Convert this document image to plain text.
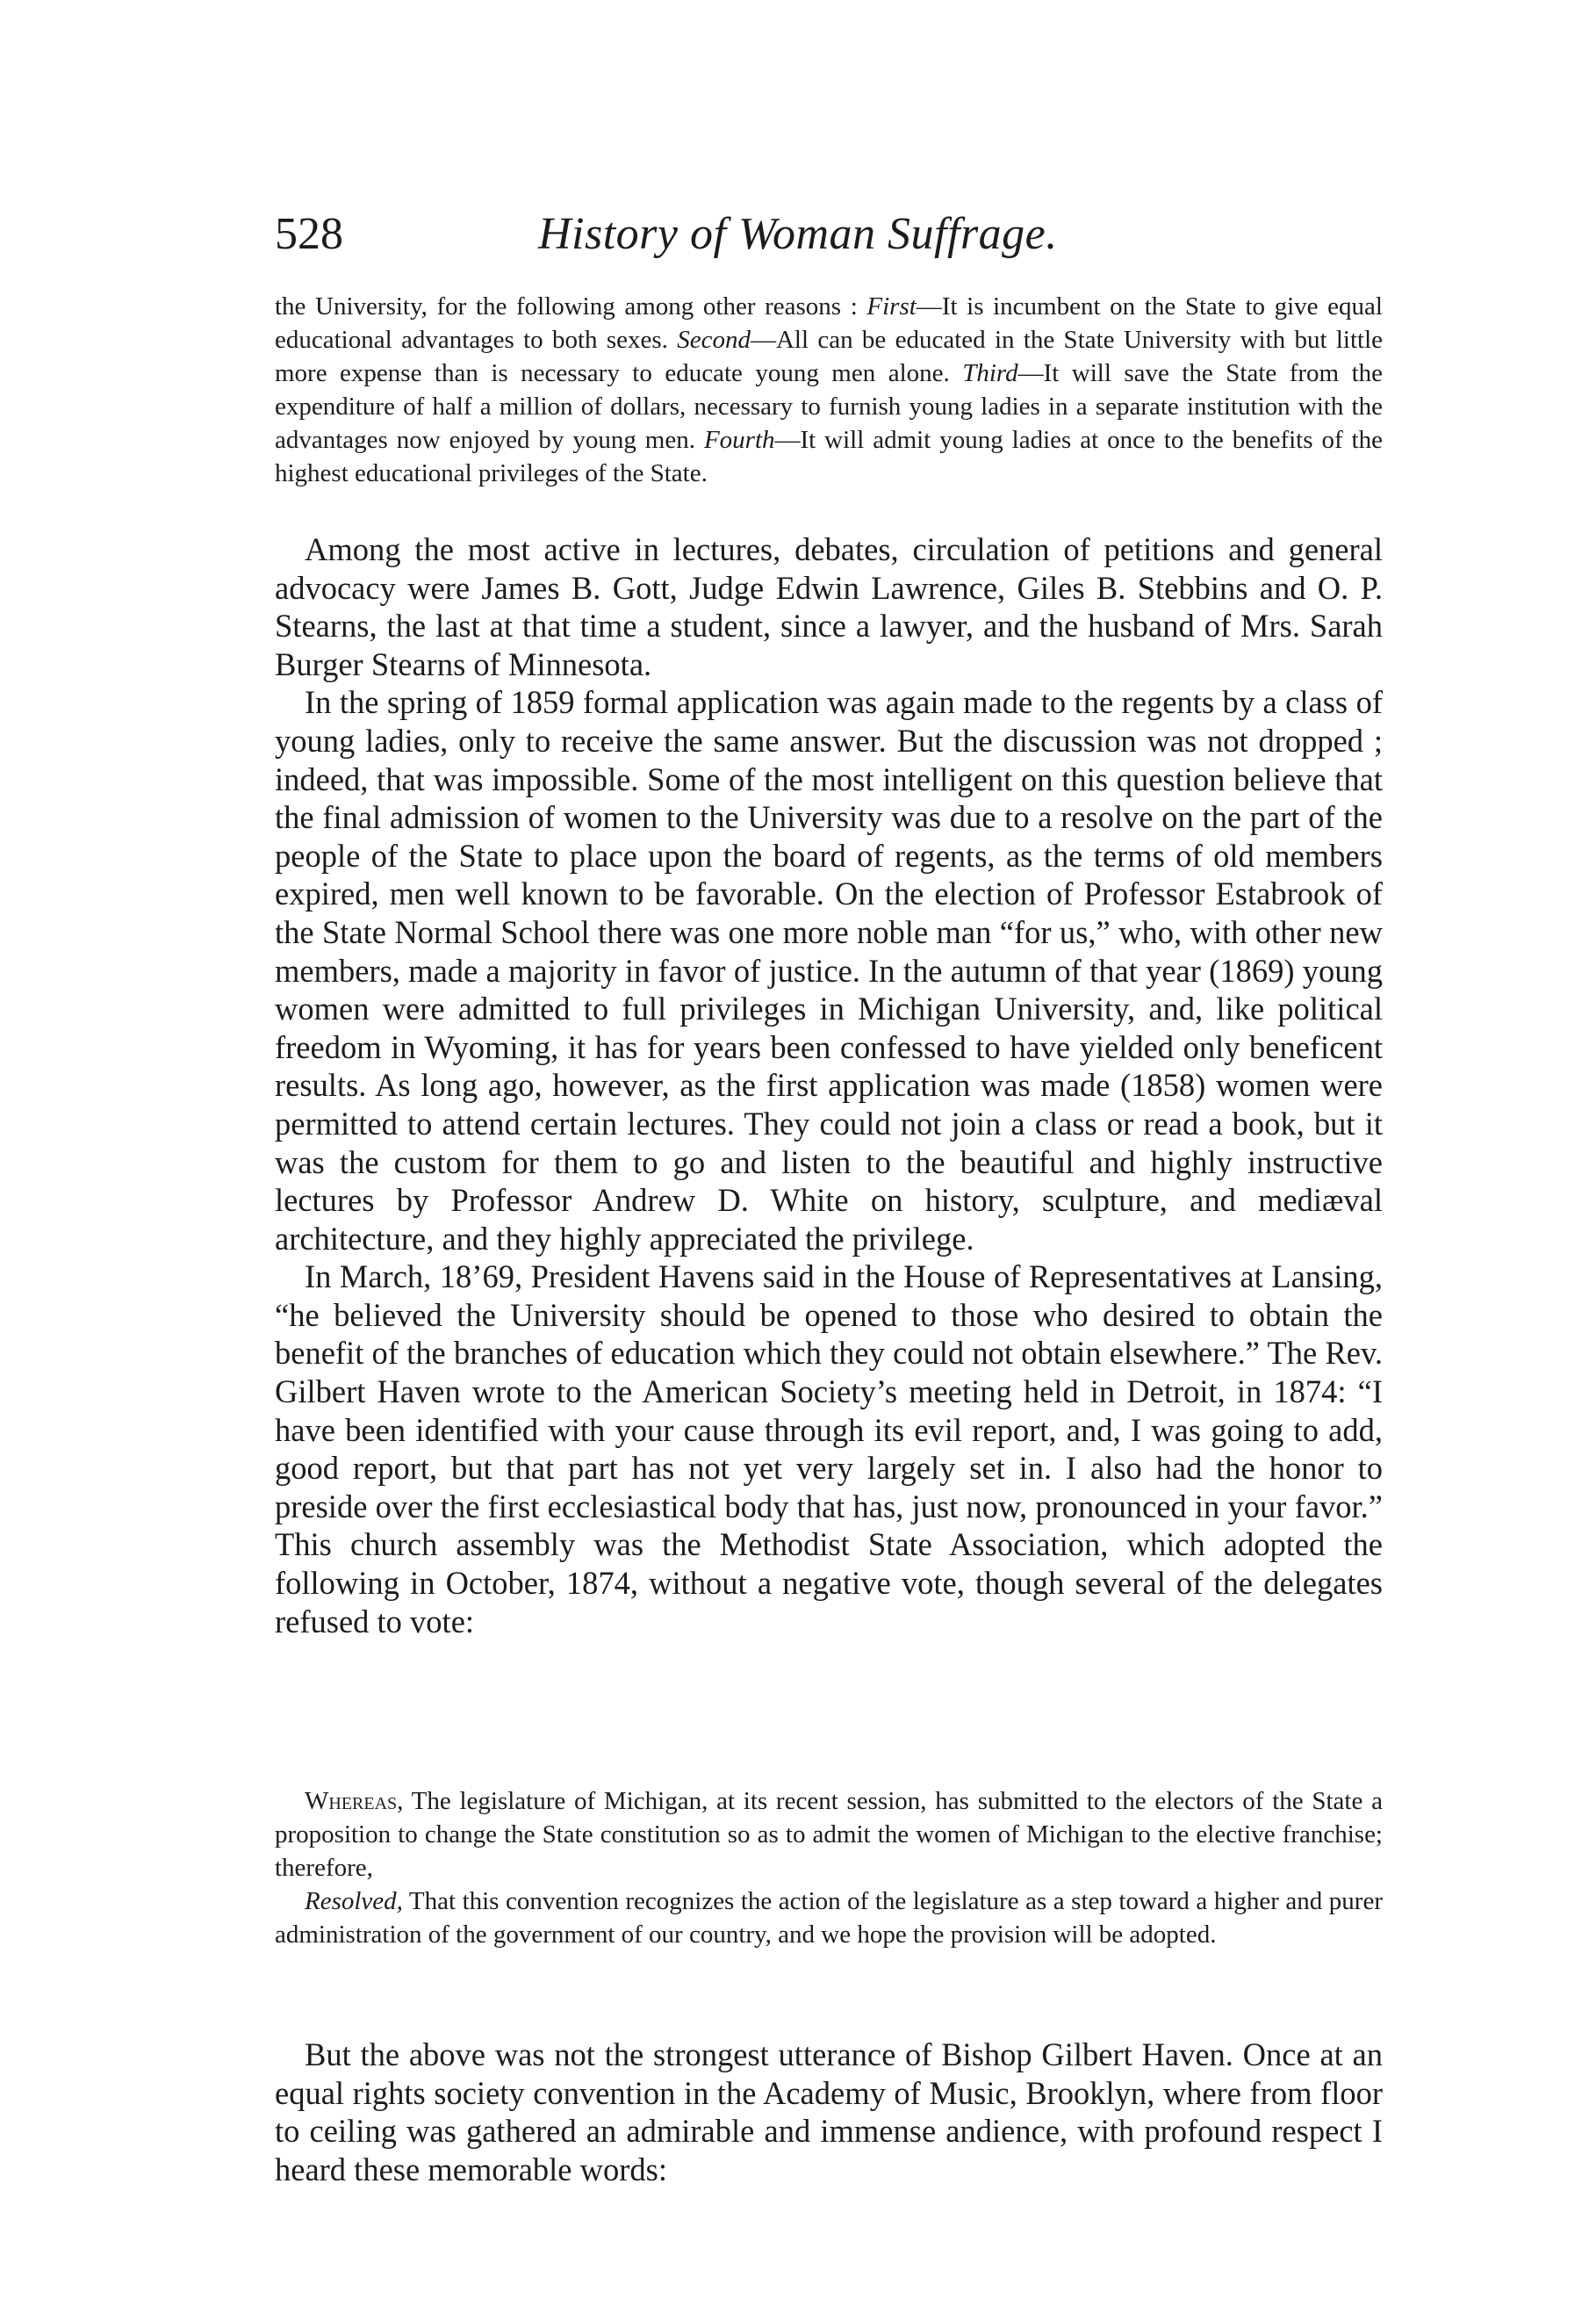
528	History of Woman Suffrage.

the University, for the following among other reasons : First—It is incumbent on the State to give equal educational advantages to both sexes. Second—All can be educated in the State University with but little more expense than is necessary to educate young men alone. Third—It will save the State from the expenditure of half a million of dollars, necessary to furnish young ladies in a separate institution with the advantages now enjoyed by young men. Fourth—It will admit young ladies at once to the benefits of the highest educational privileges of the State.

Among the most active in lectures, debates, circulation of petitions and general advocacy were James B. Gott, Judge Edwin Lawrence, Giles B. Stebbins and O. P. Stearns, the last at that time a student, since a lawyer, and the husband of Mrs. Sarah Burger Stearns of Minnesota.

In the spring of 1859 formal application was again made to the regents by a class of young ladies, only to receive the same answer. But the discussion was not dropped ; indeed, that was impossible. Some of the most intelligent on this question believe that the final admission of women to the University was due to a resolve on the part of the people of the State to place upon the board of regents, as the terms of old members expired, men well known to be favorable. On the election of Professor Estabrook of the State Normal School there was one more noble man “for us,” who, with other new members, made a majority in favor of justice. In the autumn of that year (1869) young women were admitted to full privileges in Michigan University, and, like political freedom in Wyoming, it has for years been confessed to have yielded only beneficent results. As long ago, however, as the first application was made (1858) women were permitted to attend certain lectures. They could not join a class or read a book, but it was the custom for them to go and listen to the beautiful and highly instructive lectures by Professor Andrew D. White on history, sculpture, and mediæval architecture, and they highly appreciated the privilege.

In March, 18’69, President Havens said in the House of Representatives at Lansing, “he believed the University should be opened to those who desired to obtain the benefit of the branches of education which they could not obtain elsewhere.” The Rev. Gilbert Haven wrote to the American Society’s meeting held in Detroit, in 1874: “I have been identified with your cause through its evil report, and, I was going to add, good report, but that part has not yet very largely set in. I also had the honor to preside over the first ecclesiastical body that has, just now, pronounced in your favor.” This church assembly was the Methodist State Association, which adopted the following in October, 1874, without a negative vote, though several of the delegates refused to vote:

Whereas, The legislature of Michigan, at its recent session, has submitted to the electors of the State a proposition to change the State constitution so as to admit the women of Michigan to the elective franchise; therefore,

Resolved, That this convention recognizes the action of the legislature as a step toward a higher and purer administration of the government of our country, and we hope the provision will be adopted.

But the above was not the strongest utterance of Bishop Gilbert Haven. Once at an equal rights society convention in the Academy of Music, Brooklyn, where from floor to ceiling was gathered an admirable and immense andience, with profound respect I heard these memorable words:
